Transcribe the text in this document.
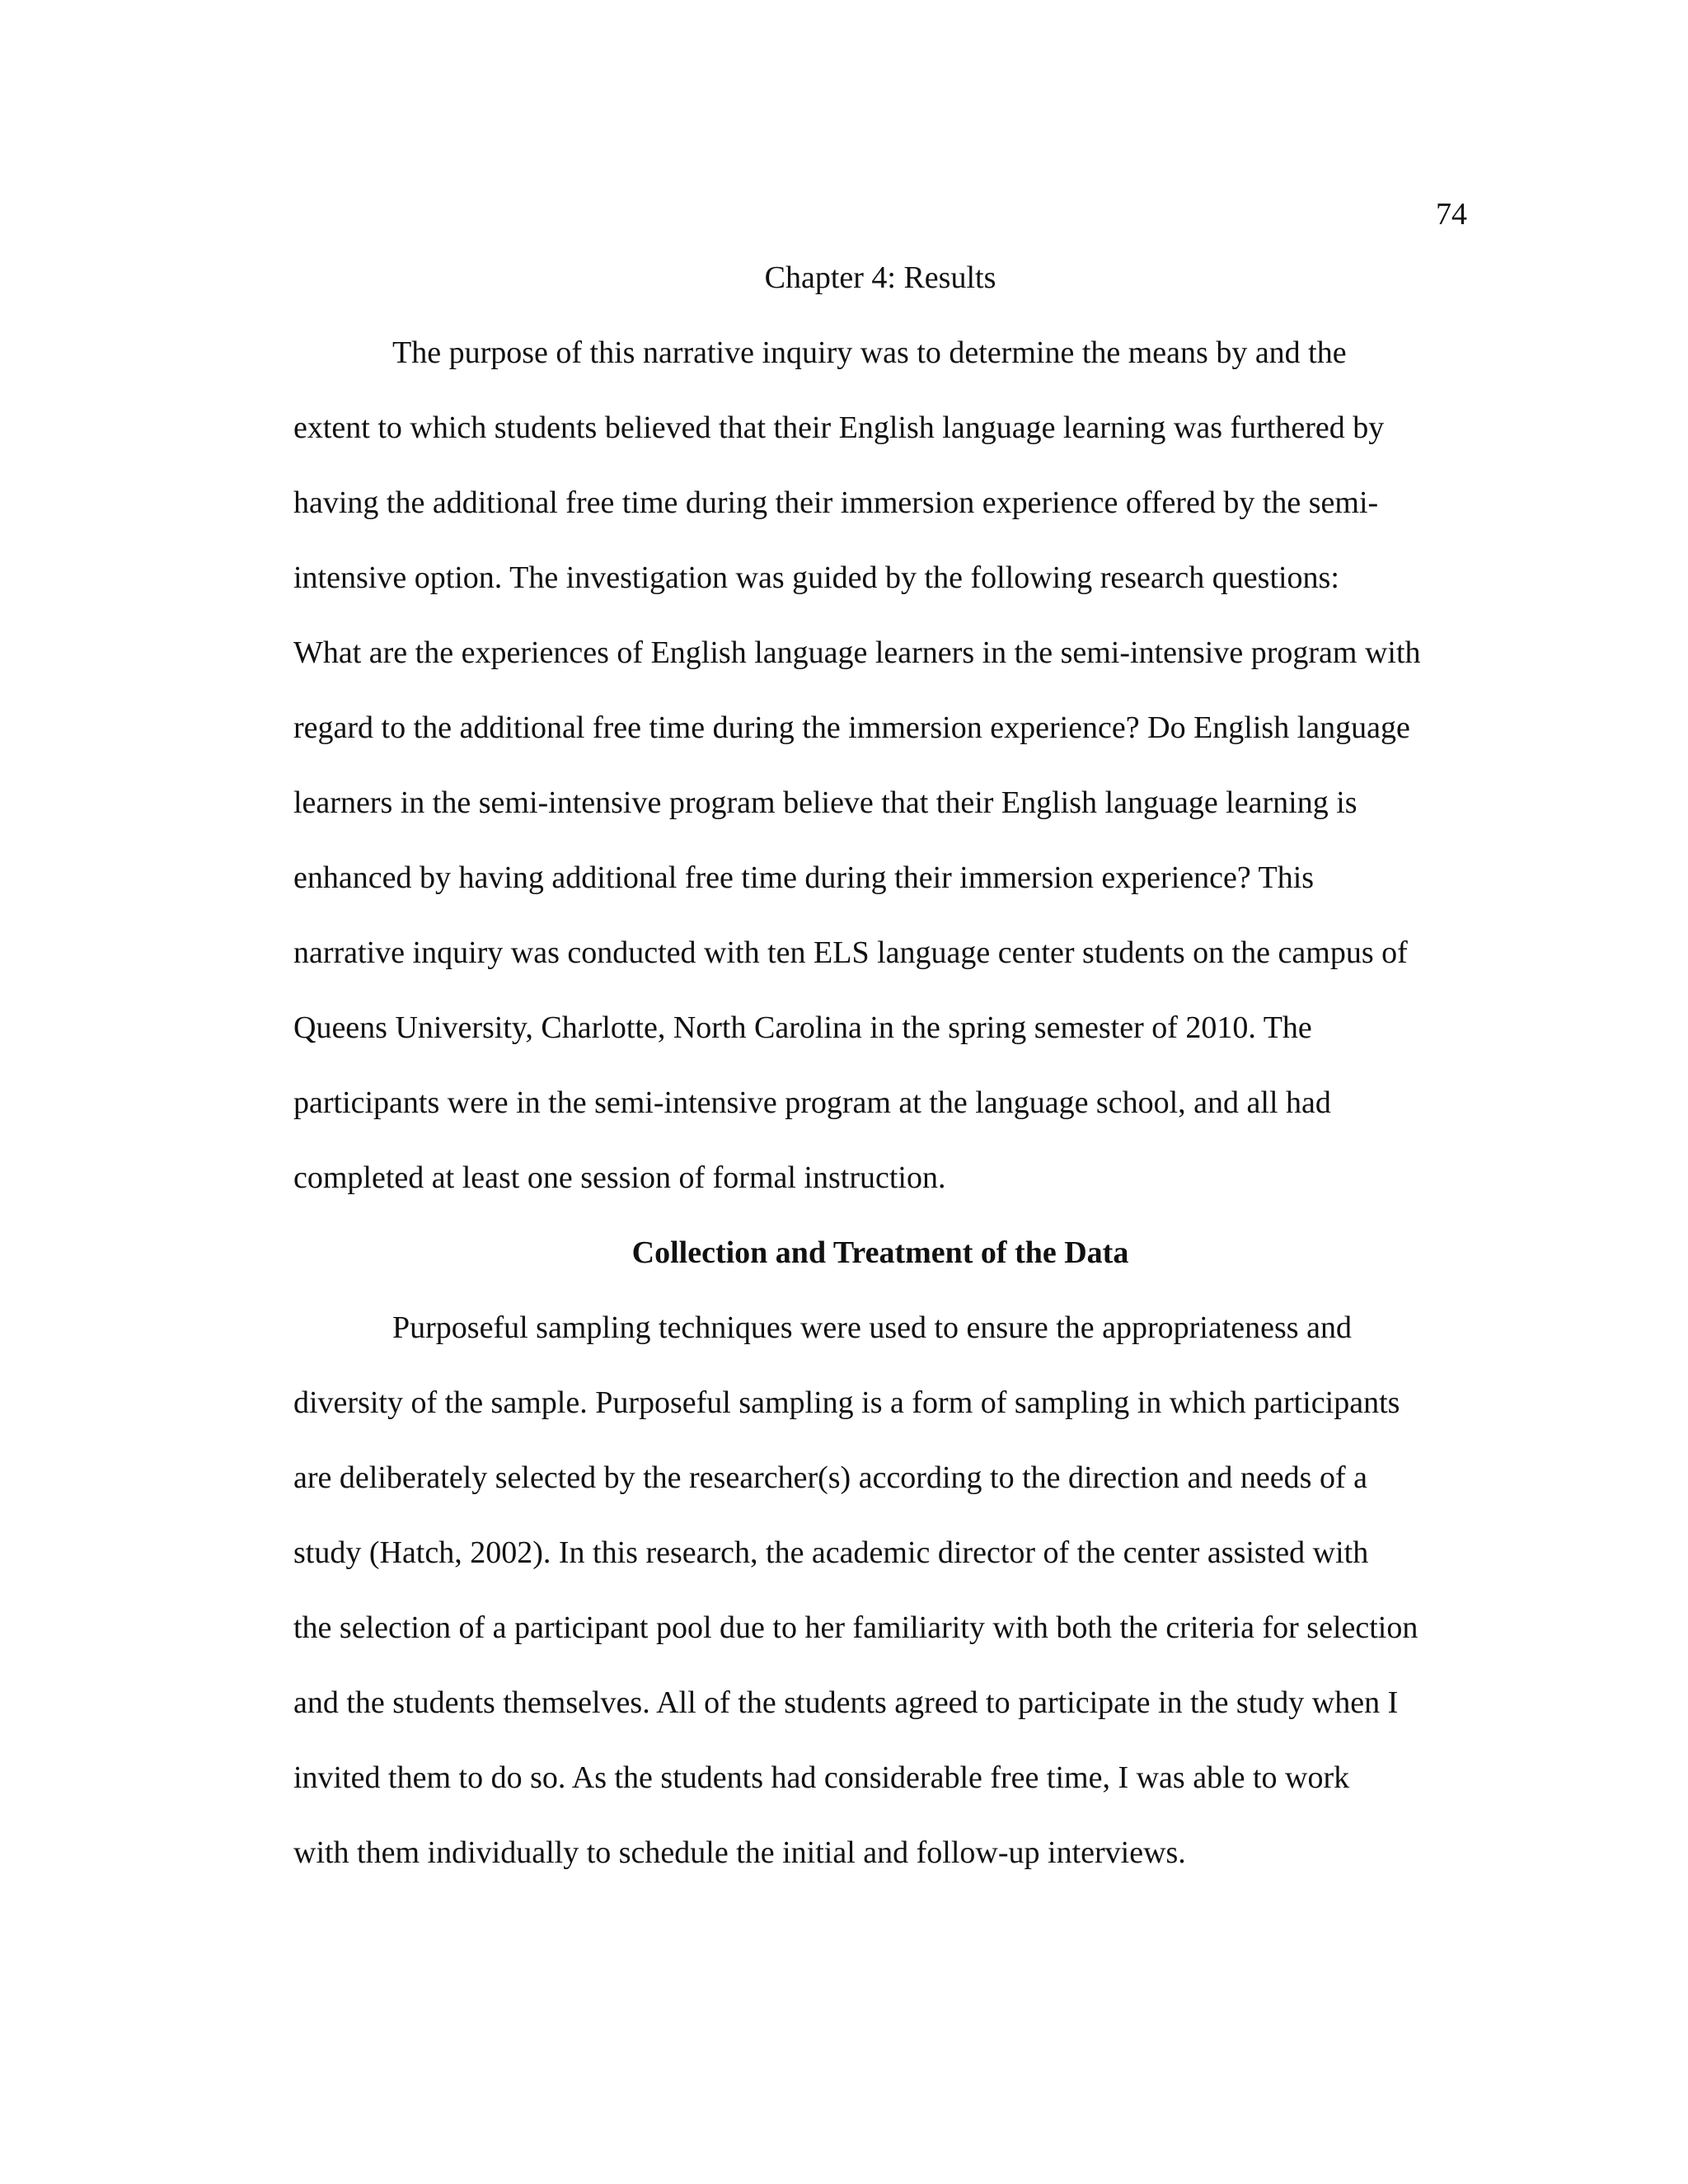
74
Chapter 4: Results
The purpose of this narrative inquiry was to determine the means by and the
extent to which students believed that their English language learning was furthered by
having the additional free time during their immersion experience offered by the semi-
intensive option. The investigation was guided by the following research questions:
What are the experiences of English language learners in the semi-intensive program with
regard to the additional free time during the immersion experience? Do English language
learners in the semi-intensive program believe that their English language learning is
enhanced by having additional free time during their immersion experience? This
narrative inquiry was conducted with ten ELS language center students on the campus of
Queens University, Charlotte, North Carolina in the spring semester of 2010. The
participants were in the semi-intensive program at the language school, and all had
completed at least one session of formal instruction.
Collection and Treatment of the Data
Purposeful sampling techniques were used to ensure the appropriateness and
diversity of the sample. Purposeful sampling is a form of sampling in which participants
are deliberately selected by the researcher(s) according to the direction and needs of a
study (Hatch, 2002). In this research, the academic director of the center assisted with
the selection of a participant pool due to her familiarity with both the criteria for selection
and the students themselves. All of the students agreed to participate in the study when I
invited them to do so. As the students had considerable free time, I was able to work
with them individually to schedule the initial and follow-up interviews.
